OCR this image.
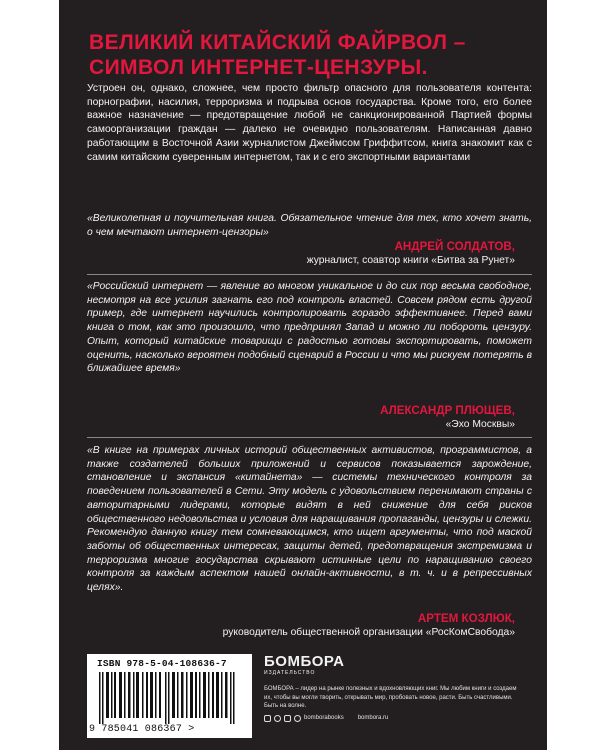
ВЕЛИКИЙ КИТАЙСКИЙ ФАЙРВОЛ –
СИМВОЛ ИНТЕРНЕТ-ЦЕНЗУРЫ.
Устроен он, однако, сложнее, чем просто фильтр опасного для пользователя контента: порнографии, насилия, терроризма и подрыва основ государства. Кроме того, его более важное назначение — предотвращение любой не санкционированной Партией формы самоорганизации граждан — далеко не очевидно пользователям. Написанная давно работающим в Восточной Азии журналистом Джеймсом Гриффитсом, книга знакомит как с самим китайским суверенным интернетом, так и с его экспортными вариантами
«Великолепная и поучительная книга. Обязательное чтение для тех, кто хочет знать, о чем мечтают интернет-цензоры»
АНДРЕЙ СОЛДАТОВ,
журналист, соавтор книги «Битва за Рунет»
«Российский интернет — явление во многом уникальное и до сих пор весьма свободное, несмотря на все усилия загнать его под контроль властей. Совсем рядом есть другой пример, где интернет научились контролировать гораздо эффективнее. Перед вами книга о том, как это произошло, что предпринял Запад и можно ли побороть цензуру. Опыт, который китайские товарищи с радостью готовы экспортировать, поможет оценить, насколько вероятен подобный сценарий в России и что мы рискуем потерять в ближайшее время»
АЛЕКСАНДР ПЛЮЩЕВ,
«Эхо Москвы»
«В книге на примерах личных историй общественных активистов, программистов, а также создателей больших приложений и сервисов показывается зарождение, становление и экспансия «китайнета» — системы технического контроля за поведением пользователей в Сети. Эту модель с удовольствием перенимают страны с авторитарными лидерами, которые видят в ней снижение для себя рисков общественного недовольства и условия для наращивания пропаганды, цензуры и слежки. Рекомендую данную книгу тем сомневающимся, кто ищет аргументы, что под маской заботы об общественных интересах, защиты детей, предотвращения экстремизма и терроризма многие государства скрывают истинные цели по наращиванию своего контроля за каждым аспектом нашей онлайн-активности, в т. ч. и в репрессивных целях».
АРТЕМ КОЗЛЮК,
руководитель общественной организации «РосКомСвобода»
ISBN 978-5-04-108636-7
9 785041 086367 >
БОМБОРА
ИЗДАТЕЛЬСТВО
БОМБОРА – лидер на рынке полезных и вдохновляющих книг. Мы любим книги и создаем их, чтобы вы могли творить, открывать мир, пробовать новое, расти. Быть счастливыми. Быть на волне.
bomborabooks bombora.ru
